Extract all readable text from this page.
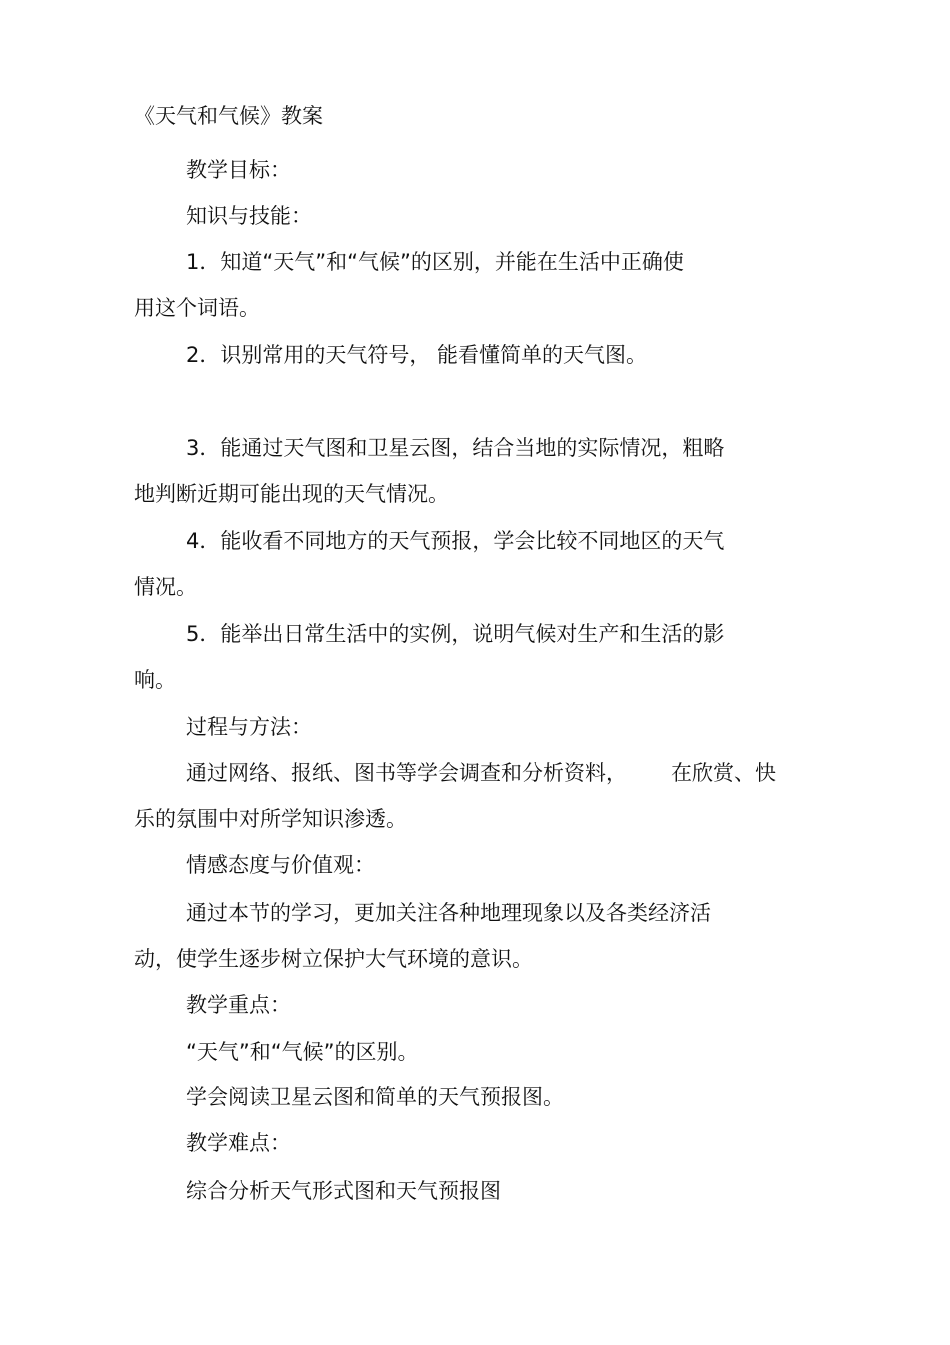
《天气和气候》教案
教学目标：
知识与技能：
1．知道“天气”和“气候”的区别，并能在生活中正确使
用这个词语。
2．识别常用的天气符号， 能看懂简单的天气图。
3．能通过天气图和卫星云图，结合当地的实际情况，粗略
地判断近期可能出现的天气情况。
4．能收看不同地方的天气预报，学会比较不同地区的天气
情况。
5．能举出日常生活中的实例，说明气候对生产和生活的影
响。
过程与方法：
通过网络、报纸、图书等学会调查和分析资料， 在欣赏、快
乐的氛围中对所学知识渗透。
情感态度与价值观：
通过本节的学习，更加关注各种地理现象以及各类经济活
动，使学生逐步树立保护大气环境的意识。
教学重点：
“天气”和“气候”的区别。
学会阅读卫星云图和简单的天气预报图。
教学难点：
综合分析天气形式图和天气预报图
